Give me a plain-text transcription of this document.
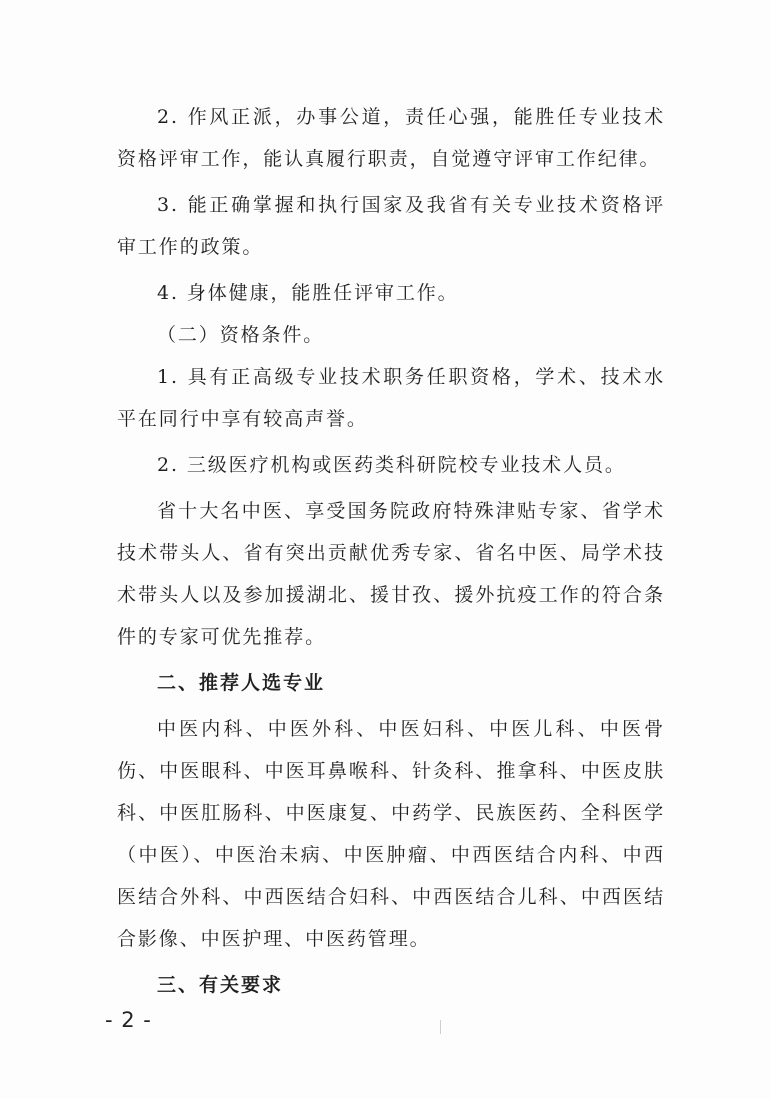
2. 作风正派，办事公道，责任心强，能胜任专业技术资格评审工作，能认真履行职责，自觉遵守评审工作纪律。

3. 能正确掌握和执行国家及我省有关专业技术资格评审工作的政策。

4. 身体健康，能胜任评审工作。

（二）资格条件。

1. 具有正高级专业技术职务任职资格，学术、技术水平在同行中享有较高声誉。

2. 三级医疗机构或医药类科研院校专业技术人员。

省十大名中医、享受国务院政府特殊津贴专家、省学术技术带头人、省有突出贡献优秀专家、省名中医、局学术技术带头人以及参加援湖北、援甘孜、援外抗疫工作的符合条件的专家可优先推荐。

二、推荐人选专业

中医内科、中医外科、中医妇科、中医儿科、中医骨伤、中医眼科、中医耳鼻喉科、针灸科、推拿科、中医皮肤科、中医肛肠科、中医康复、中药学、民族医药、全科医学（中医）、中医治未病、中医肿瘤、中西医结合内科、中西医结合外科、中西医结合妇科、中西医结合儿科、中西医结合影像、中医护理、中医药管理。

三、有关要求

- 2 -
